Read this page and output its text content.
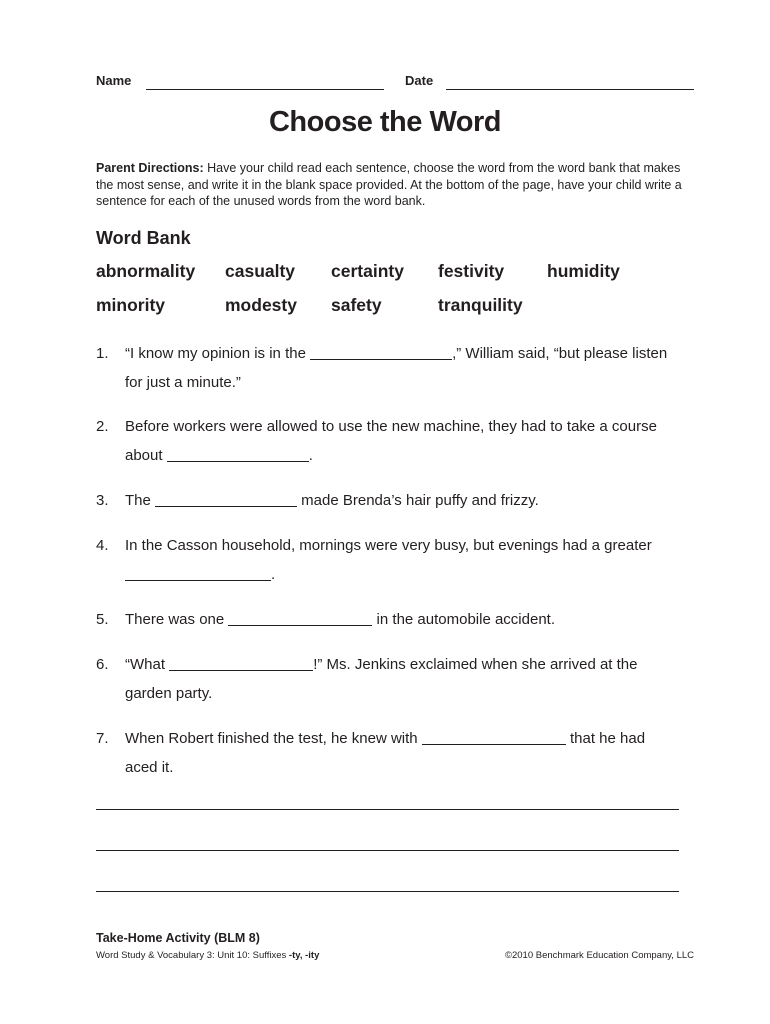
Name	Date
Choose the Word
Parent Directions: Have your child read each sentence, choose the word from the word bank that makes the most sense, and write it in the blank space provided. At the bottom of the page, have your child write a sentence for each of the unused words from the word bank.
Word Bank
abnormality casualty certainty festivity humidity
minority	modesty safety	tranquility
1.	“I know my opinion is in the	,” William said, “but please listen
for just a minute.”
2.	Before workers were allowed to use the new machine, they had to take a course
about	.
3.	The	made Brenda’s hair puffy and frizzy.
4.	In the Casson household, mornings were very busy, but evenings had a greater
.
5.	There was one	in the automobile accident.
6.	“What	!” Ms. Jenkins exclaimed when she arrived at the
garden party.
7.	When Robert finished the test, he knew with	that he had
aced it.
Take-Home Activity (BLM 8)
Word Study & Vocabulary 3: Unit 10: Suffixes -ty, -ity	©2010 Benchmark Education Company, LLC
